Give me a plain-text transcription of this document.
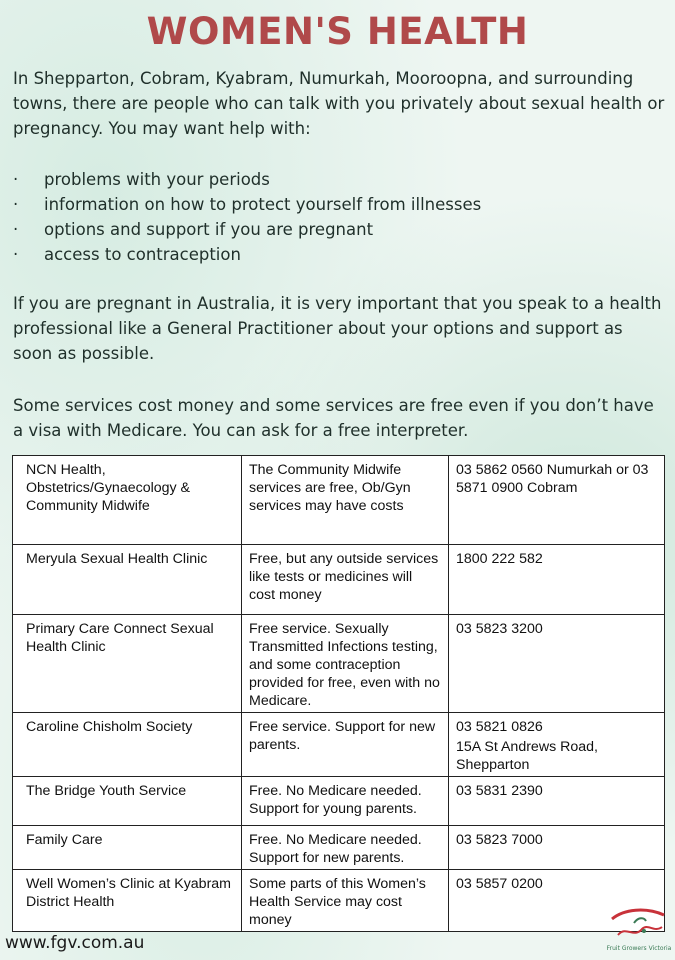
WOMEN'S HEALTH

In Shepparton, Cobram, Kyabram, Numurkah, Mooroopna, and surrounding towns, there are people who can talk with you privately about sexual health or pregnancy. You may want help with:

· problems with your periods
· information on how to protect yourself from illnesses
· options and support if you are pregnant
· access to contraception

If you are pregnant in Australia, it is very important that you speak to a health professional like a General Practitioner about your options and support as soon as possible.

Some services cost money and some services are free even if you don’t have a visa with Medicare. You can ask for a free interpreter.

NCN Health, Obstetrics/Gynaecology & Community Midwife	The Community Midwife services are free, Ob/Gyn services may have costs	03 5862 0560 Numurkah or 03 5871 0900 Cobram

Meryula Sexual Health Clinic	Free, but any outside services like tests or medicines will cost money	1800 222 582

Primary Care Connect Sexual Health Clinic	Free service. Sexually Transmitted Infections testing, and some contraception provided for free, even with no Medicare.	03 5823 3200

Caroline Chisholm Society	Free service. Support for new parents.	03 5821 0826
15A St Andrews Road, Shepparton

The Bridge Youth Service	Free. No Medicare needed. Support for young parents.	03 5831 2390

Family Care	Free. No Medicare needed. Support for new parents.	03 5823 7000

Well Women’s Clinic at Kyabram District Health	Some parts of this Women’s Health Service may cost money	03 5857 0200
www.fgv.com.au	Fruit Growers Victoria
